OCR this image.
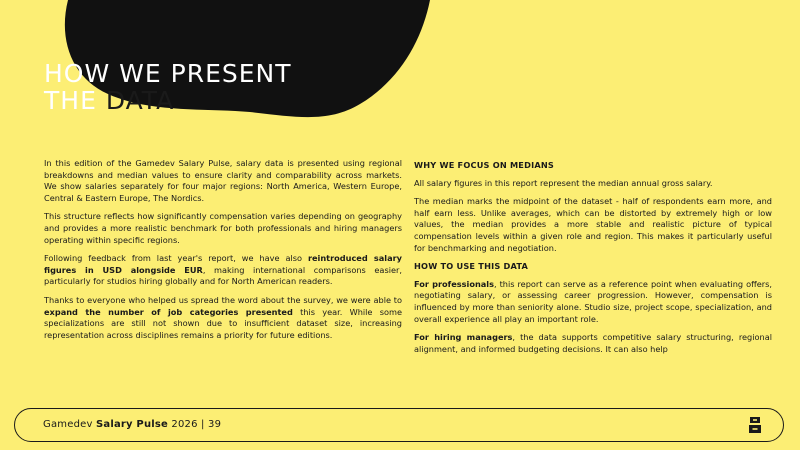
HOW WE PRESENT
THE DATA

In this edition of the Gamedev Salary Pulse, salary data is presented using regional breakdowns and median values to ensure clarity and comparability across markets. We show salaries separately for four major regions: North America, Western Europe, Central & Eastern Europe, The Nordics.

This structure reflects how significantly compensation varies depending on geography and provides a more realistic benchmark for both professionals and hiring managers operating within specific regions.

Following feedback from last year's report, we have also reintroduced salary figures in USD alongside EUR, making international comparisons easier, particularly for studios hiring globally and for North American readers.

Thanks to everyone who helped us spread the word about the survey, we were able to expand the number of job categories presented this year. While some specializations are still not shown due to insufficient dataset size, increasing representation across disciplines remains a priority for future editions.

WHY WE FOCUS ON MEDIANS

All salary figures in this report represent the median annual gross salary.

The median marks the midpoint of the dataset - half of respondents earn more, and half earn less. Unlike averages, which can be distorted by extremely high or low values, the median provides a more stable and realistic picture of typical compensation levels within a given role and region. This makes it particularly useful for benchmarking and negotiation.

HOW TO USE THIS DATA

For professionals, this report can serve as a reference point when evaluating offers, negotiating salary, or assessing career progression. However, compensation is influenced by more than seniority alone. Studio size, project scope, specialization, and overall experience all play an important role.

For hiring managers, the data supports competitive salary structuring, regional alignment, and informed budgeting decisions. It can also help

Gamedev Salary Pulse 2026 | 39
